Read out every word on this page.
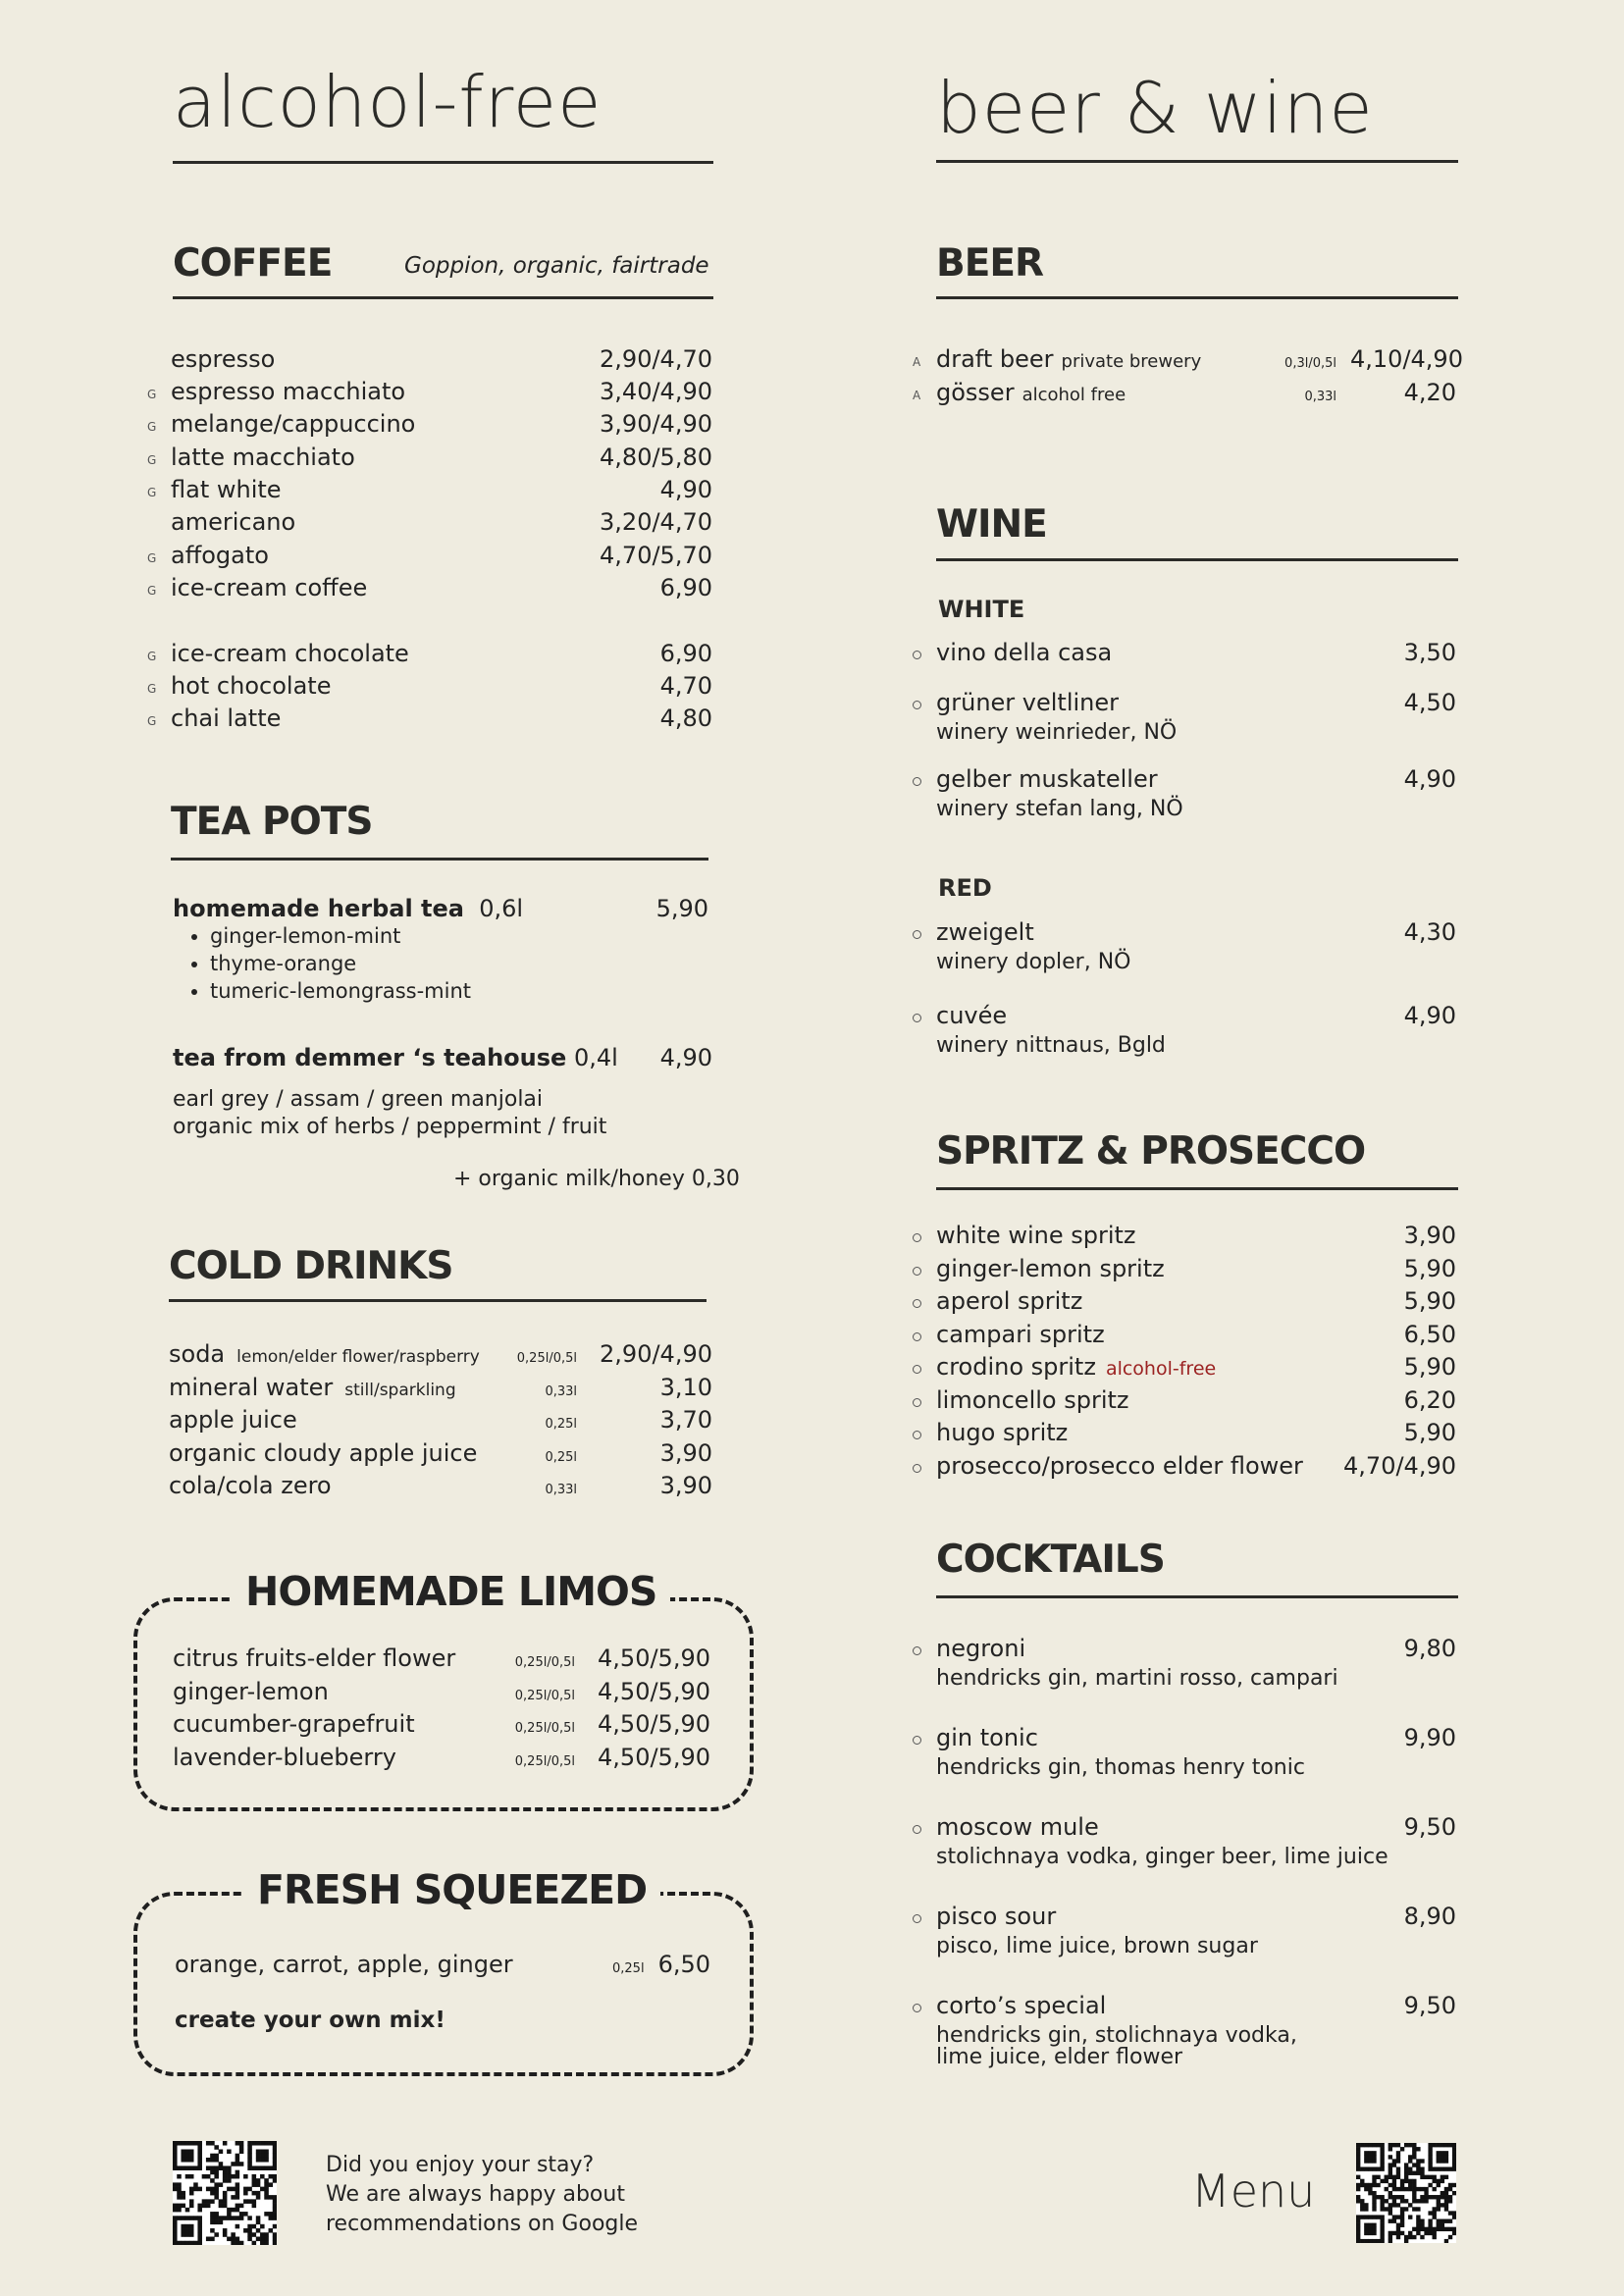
alcohol-free	beer & wine
COFFEE	Goppion, organic, fairtrade
TEA POTS
homemade herbal tea 0,6l	5,90
• ginger-lemon-mint
• thyme-orange
• tumeric-lemongrass-mint
tea from demmer ‘s teahouse 0,4l	4,90
earl grey / assam / green manjolai
organic mix of herbs / peppermint / fruit
+ organic milk/honey 0,30
COLD DRINKS
HOMEMADE LIMOS
FRESH SQUEEZED
orange, carrot, apple, ginger	0,25l 6,50
create your own mix!
Did you enjoy your stay?
We are always happy about
recommendations on Google
BEER
WINE
WHITE
RED
SPRITZ & PROSECCO
COCKTAILS
Menu
espresso	2,90/4,70
espresso macchiato	3,40/4,90
G
melange/cappuccino	3,90/4,90
G
latte macchiato	4,80/5,80
G
flat white	4,90
G
americano	3,20/4,70
affogato	4,70/5,70
G
ice-cream coffee	6,90
G
ice-cream chocolate	6,90
G
hot chocolate	4,70
G
chai latte	4,80
G
soda lemon/elder flower/raspberry	0,25l/0,5l 2,90/4,90
mineral water still/sparkling	0,33l	3,10
apple juice	0,25l	3,70
organic cloudy apple juice	0,25l	3,90
cola/cola zero	0,33l	3,90
citrus fruits-elder flower	0,25l/0,5l 4,50/5,90
ginger-lemon	0,25l/0,5l 4,50/5,90
cucumber-grapefruit	0,25l/0,5l 4,50/5,90
lavender-blueberry	0,25l/0,5l 4,50/5,90
draft beer private brewery	0,3l/0,5l 4,10/4,90
A
gösser alcohol free	0,33l	4,20
A
vino della casa	3,50
grüner veltliner	4,50
winery weinrieder, NÖ
gelber muskateller	4,90
winery stefan lang, NÖ
zweigelt	4,30
winery dopler, NÖ
cuvée	4,90
winery nittnaus, Bgld
white wine spritz	3,90
ginger-lemon spritz	5,90
aperol spritz	5,90
campari spritz	6,50
crodino spritz alcohol-free	5,90
limoncello spritz	6,20
hugo spritz	5,90
prosecco/prosecco elder flower	4,70/4,90
negroni	9,80
hendricks gin, martini rosso, campari
gin tonic	9,90
hendricks gin, thomas henry tonic
moscow mule	9,50
stolichnaya vodka, ginger beer, lime juice
pisco sour	8,90
pisco, lime juice, brown sugar
corto’s special	9,50
hendricks gin, stolichnaya vodka,
lime juice, elder flower
